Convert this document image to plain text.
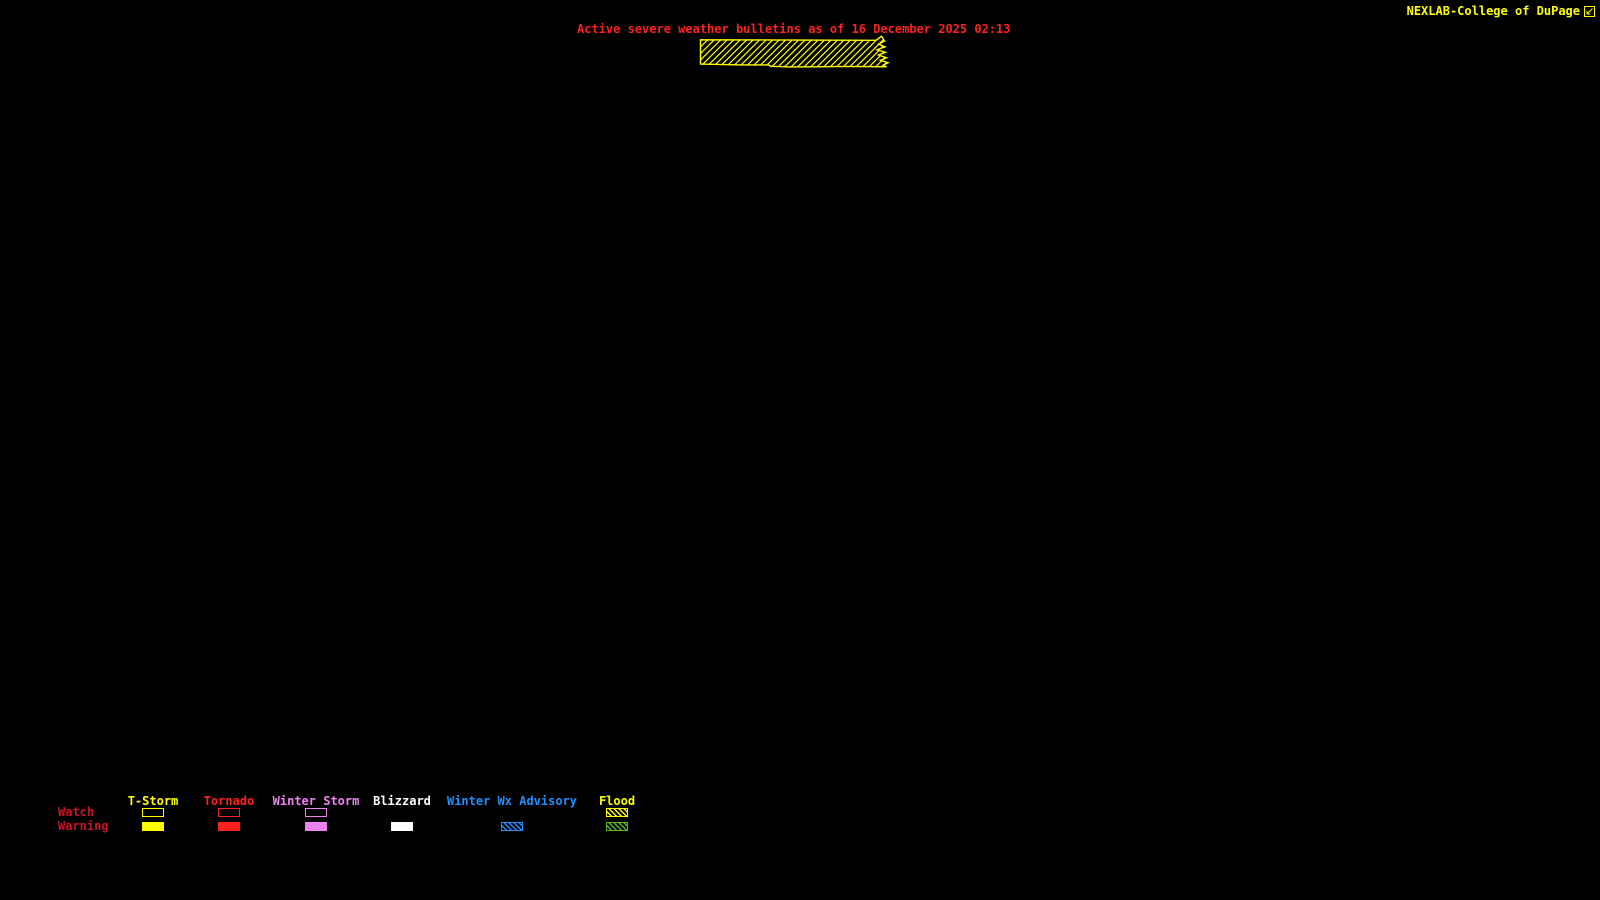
Active severe weather bulletins as of 16 December 2025 02:13
NEXLAB-College of DuPage
Watch
Warning
T-Storm Tornado Winter Storm Blizzard Winter Wx Advisory Flood
